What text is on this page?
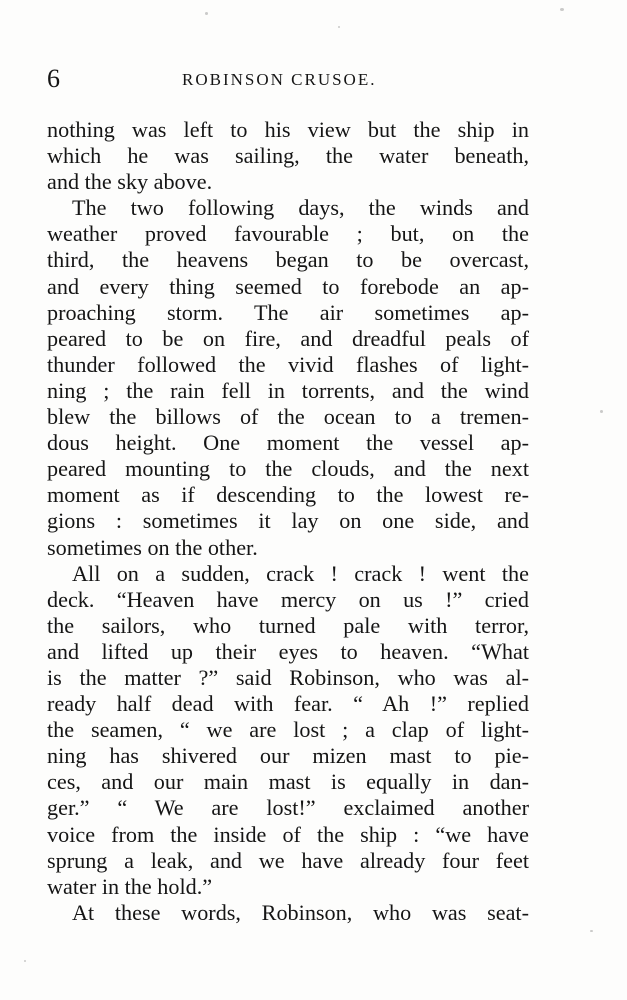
6	ROBINSON CRUSOE.

nothing was left to his view but the ship in
which he was sailing, the water beneath,
and the sky above.

The two following days, the winds and
weather proved favourable ; but, on the
third, the heavens began to be overcast,
and every thing seemed to forebode an ap-
proaching storm. The air sometimes ap-
peared to be on fire, and dreadful peals of
thunder followed the vivid flashes of light-
ning ; the rain fell in torrents, and the wind
blew the billows of the ocean to a tremen-
dous height. One moment the vessel ap-
peared mounting to the clouds, and the next
moment as if descending to the lowest re-
gions : sometimes it lay on one side, and
sometimes on the other.

All on a sudden, crack ! crack ! went the
deck. “Heaven have mercy on us !” cried
the sailors, who turned pale with terror,
and lifted up their eyes to heaven. “What
is the matter ?” said Robinson, who was al-
ready half dead with fear. “ Ah !” replied
the seamen, “ we are lost ; a clap of light-
ning has shivered our mizen mast to pie-
ces, and our main mast is equally in dan-
ger.” “ We are lost!” exclaimed another
voice from the inside of the ship : “we have
sprung a leak, and we have already four feet
water in the hold.”

At these words, Robinson, who was seat-
